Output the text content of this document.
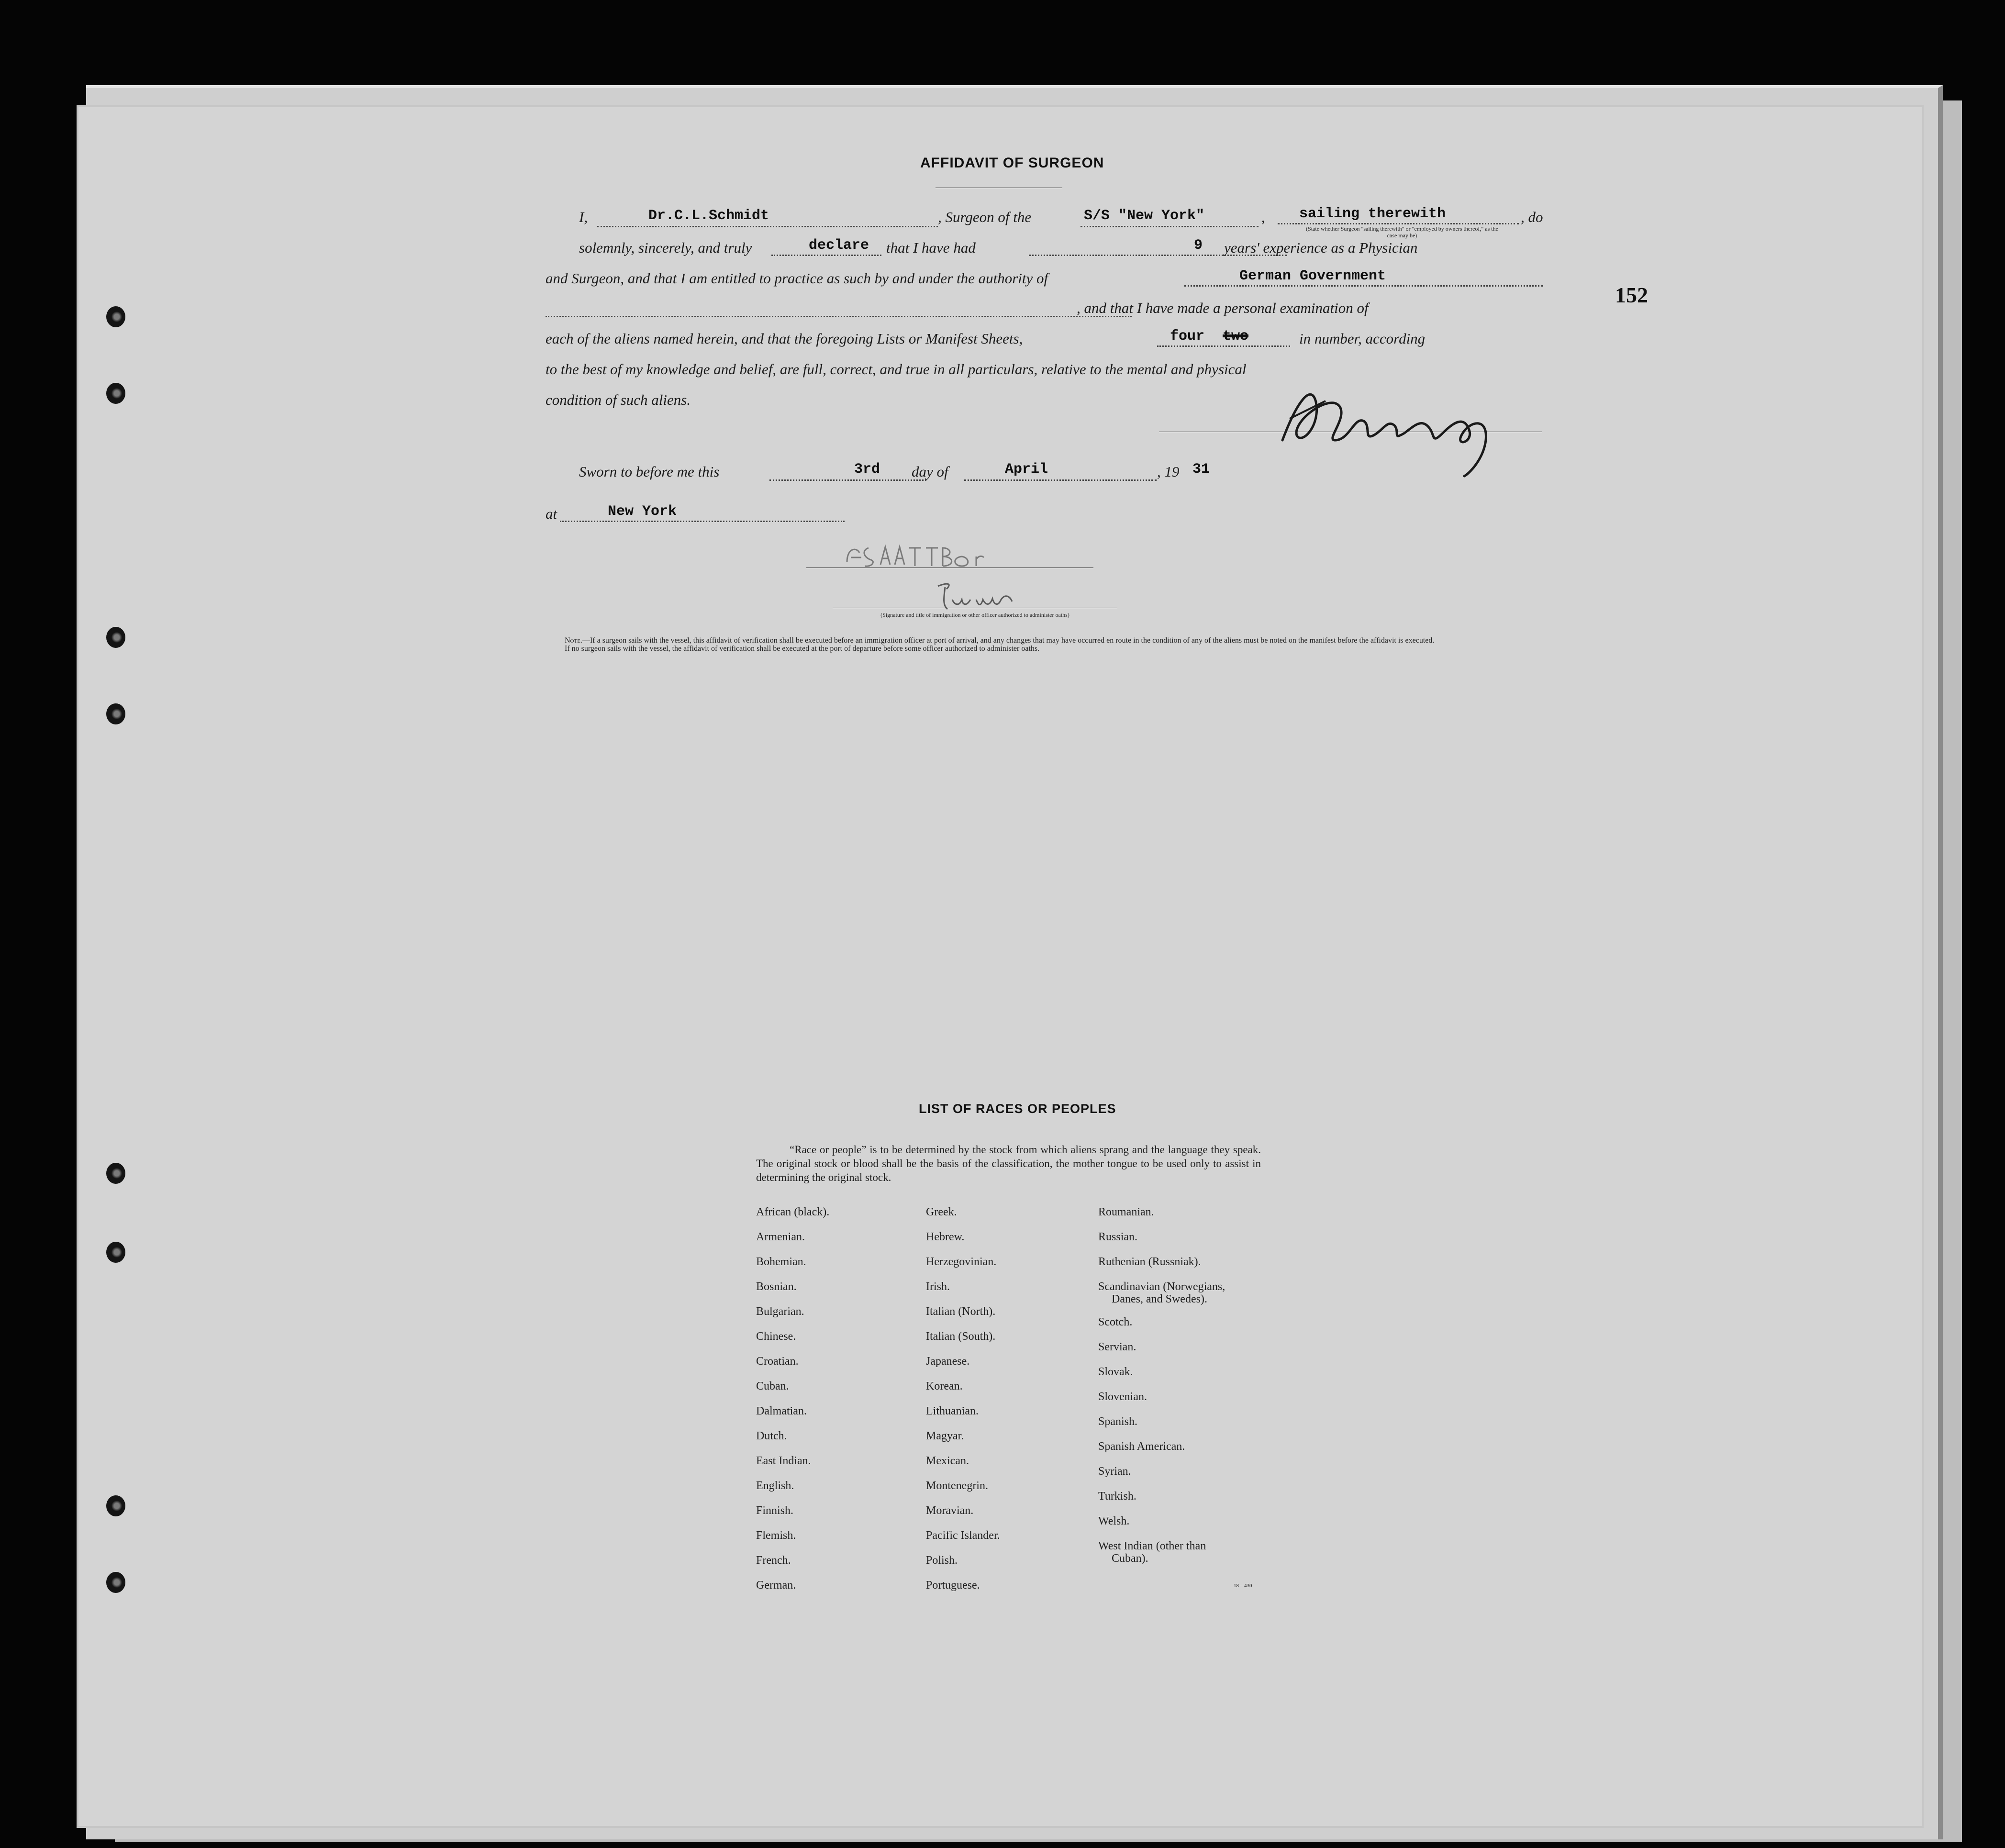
152
AFFIDAVIT OF SURGEON
I,	Dr.C.L.Schmidt	, Surgeon of the	S/S "New York"	, sailing therewith	, do
(State whether Surgeon "sailing therewith" or "employed by owners thereof," as the case may be)
solemnly, sincerely, and truly	declare that I have had	9 years' experience as a Physician
and Surgeon, and that I am entitled to practice as such by and under the authority of	German Government
, and that I have made a personal examination of
each of the aliens named herein, and that the foregoing Lists or Manifest Sheets,	four two	in number, according
to the best of my knowledge and belief, are full, correct, and true in all particulars, relative to the mental and physical
condition of such aliens.
Sworn to before me this	3rd day of	April	, 19 31
at	New York
(Signature and title of immigration or other officer authorized to administer oaths)
Note.—If a surgeon sails with the vessel, this affidavit of verification shall be executed before an immigration officer at port of arrival, and any changes that may have occurred en route in the condition of any of the aliens must be noted on the manifest before the affidavit is executed.
If no surgeon sails with the vessel, the affidavit of verification shall be executed at the port of departure before some officer authorized to administer oaths.
LIST OF RACES OR PEOPLES
“Race or people” is to be determined by the stock from which aliens sprang and the language they speak. The original stock or blood shall be the basis of the classification, the mother tongue to be used only to assist in determining the original stock.
African (black).
Armenian.
Bohemian.
Bosnian.
Bulgarian.
Chinese.
Croatian.
Cuban.
Dalmatian.
Dutch.
East Indian.
English.
Finnish.
Flemish.
French.
German.
Greek.
Hebrew.
Herzegovinian.
Irish.
Italian (North).
Italian (South).
Japanese.
Korean.
Lithuanian.
Magyar.
Mexican.
Montenegrin.
Moravian.
Pacific Islander.
Polish.
Portuguese.
Roumanian.
Russian.
Ruthenian (Russniak).
Scandinavian (Norwegians,
Danes, and Swedes).
Scotch.
Servian.
Slovak.
Slovenian.
Spanish.
Spanish American.
Syrian.
Turkish.
Welsh.
West Indian (other than
Cuban).
18—430
